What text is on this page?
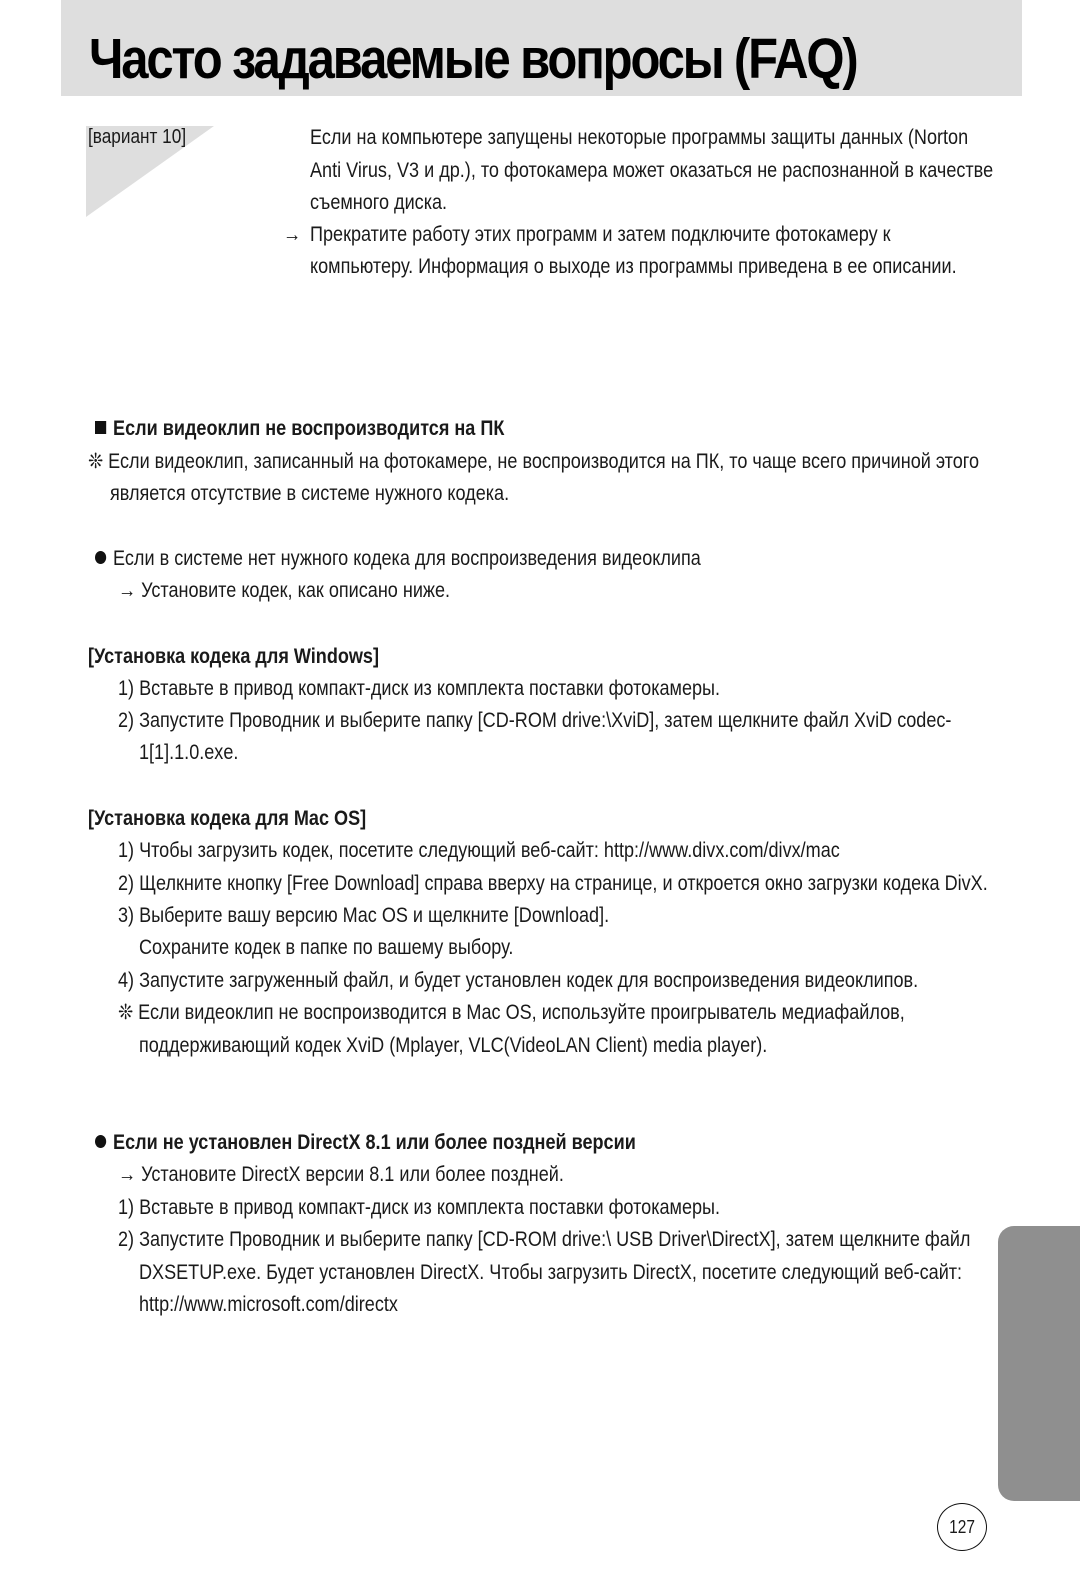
Часто задаваемые вопросы (FAQ)
[вариант 10]	Если на компьютере запущены некоторые программы защиты данных (Norton
Anti Virus, V3 и др.), то фотокамера может оказаться не распознанной в качестве
съемного диска.
→ Прекратите работу этих программ и затем подключите фотокамеру к
компьютеру. Информация о выходе из программы приведена в ее описании.
Если видеоклип не воспроизводится на ПК
❊ Если видеоклип, записанный на фотокамере, не воспроизводится на ПК, то чаще всего причиной этого
является отсутствие в системе нужного кодека.
Если в системе нет нужного кодека для воспроизведения видеоклипа
→ Установите кодек, как описано ниже.
[Установка кодека для Windows]
1) Вставьте в привод компакт-диск из комплекта поставки фотокамеры.
2) Запустите Проводник и выберите папку [CD-ROM drive:\XviD], затем щелкните файл XviD codec-
1[1].1.0.exe.
[Установка кодека для Mac OS]
1) Чтобы загрузить кодек, посетите следующий веб-сайт: http://www.divx.com/divx/mac
2) Щелкните кнопку [Free Download] справа вверху на странице, и откроется окно загрузки кодека DivX.
3) Выберите вашу версию Mac OS и щелкните [Download].
Сохраните кодек в папке по вашему выбору.
4) Запустите загруженный файл, и будет установлен кодек для воспроизведения видеоклипов.
❊ Если видеоклип не воспроизводится в Mac OS, используйте проигрыватель медиафайлов,
поддерживающий кодек XviD (Mplayer, VLC(VideoLAN Client) media player).
Если не установлен DirectX 8.1 или более поздней версии
→ Установите DirectX версии 8.1 или более поздней.
1) Вставьте в привод компакт-диск из комплекта поставки фотокамеры.
2) Запустите Проводник и выберите папку [CD-ROM drive:\ USB Driver\DirectX], затем щелкните файл
DXSETUP.exe. Будет установлен DirectX. Чтобы загрузить DirectX, посетите следующий веб-сайт:
http://www.microsoft.com/directx
127
